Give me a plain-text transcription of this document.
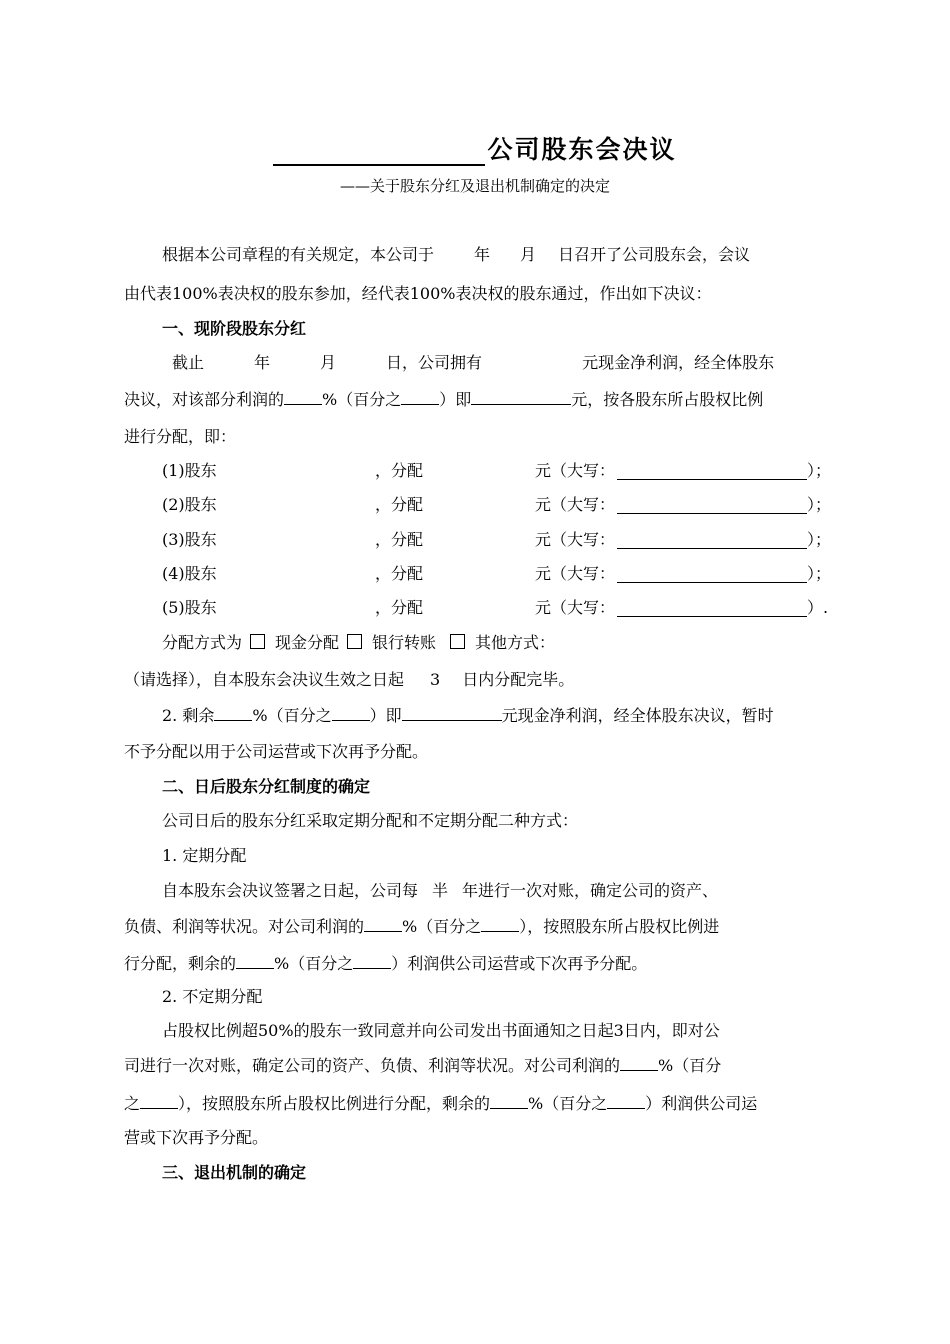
公司股东会决议
——关于股东分红及退出机制确定的决定
根据本公司章程的有关规定，本公司于	年 月 日召开了公司股东会，会议
由代表100%表决权的股东参加，经代表100%表决权的股东通过，作出如下决议：
一、现阶段股东分红
截止	年	月	日，公司拥有	元现金净利润，经全体股东
决议，对该部分利润的 %（百分之 ）即	元，按各股东所占股权比例
进行分配，即：
(1)股东	，分配	元（大写：	）；
(2)股东	，分配	元（大写：	）；
(3)股东	，分配	元（大写：	）；
(4)股东	，分配	元（大写：	）；
(5)股东	，分配	元（大写：	）.
分配方式为 现金分配 银行转账 其他方式：
（请选择），自本股东会决议生效之日起 3 日内分配完毕。
2. 剩余 %（百分之 ）即	元现金净利润，经全体股东决议，暂时
不予分配以用于公司运营或下次再予分配。
二、日后股东分红制度的确定
公司日后的股东分红采取定期分配和不定期分配二种方式：
1. 定期分配
自本股东会决议签署之日起，公司每 半 年进行一次对账，确定公司的资产、
负债、利润等状况。对公司利润的 %（百分之 ），按照股东所占股权比例进
行分配，剩余的 %（百分之 ）利润供公司运营或下次再予分配。
2. 不定期分配
占股权比例超50%的股东一致同意并向公司发出书面通知之日起3日内，即对公
司进行一次对账，确定公司的资产、负债、利润等状况。对公司利润的 %（百分
之 ），按照股东所占股权比例进行分配，剩余的 %（百分之 ）利润供公司运
营或下次再予分配。
三、退出机制的确定
